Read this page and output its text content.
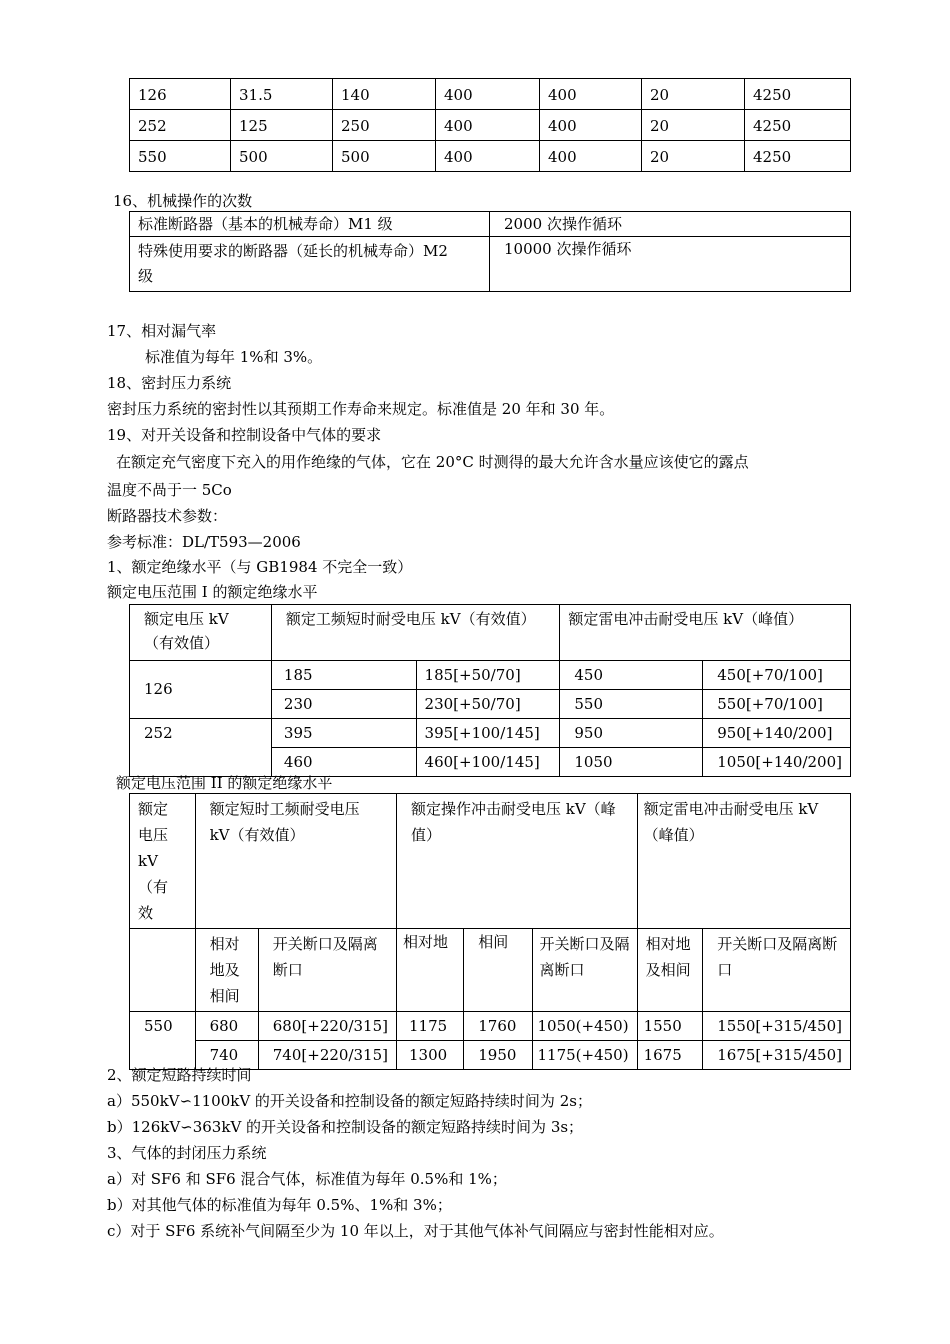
126	31.5	140	400	400	20	4250
252	125	250	400	400	20	4250
550	500	500	400	400	20	4250
16、机械操作的次数
标准断路器（基本的机械寿命）M1 级	2000 次操作循环
特殊使用要求的断路器（延长的机械寿命）M2 级	10000 次操作循环
17、相对漏气率
标准值为每年 1%和 3%。
18、密封压力系统
密封压力系统的密封性以其预期工作寿命来规定。标准值是 20 年和 30 年。
19、对开关设备和控制设备中气体的要求
在额定充气密度下充入的用作绝缘的气体，它在 20°C 时测得的最大允许含水量应该使它的露点
温度不咼于一 5Co
断路器技术参数：
参考标准：DL/T593—2006
1、额定绝缘水平（与 GB1984 不完全一致）
额定电压范围 I 的额定绝缘水平
额定电压 kV（有效值）	额定工频短时耐受电压 kV（有效值）		额定雷电冲击耐受电压 kV（峰值）	
126	185	185[+50/70]	450	450[+70/100]
	230	230[+50/70]	550	550[+70/100]
252	395	395[+100/145]	950	950[+140/200]
	460	460[+100/145]	1050	1050[+140/200]
额定电压范围 II 的额定绝缘水平
额定电压 kV（有效	额定短时工频耐受电压 kV（有效值）		额定操作冲击耐受电压 kV（峰值）			额定雷电冲击耐受电压 kV（峰值）	
	相对地及相间	开关断口及隔离断口	相对地	相间	开关断口及隔离断口	相对地及相间	开关断口及隔离断口
550	680	680[+220/315]	1175	1760	1050(+450)	1550	1550[+315/450]
	740	740[+220/315]	1300	1950	1175(+450)	1675	1675[+315/450]
2、额定短路持续时间
a）550kV∽1100kV 的开关设备和控制设备的额定短路持续时间为 2s；
b）126kV∽363kV 的开关设备和控制设备的额定短路持续时间为 3s；
3、气体的封闭压力系统
a）对 SF6 和 SF6 混合气体，标准值为每年 0.5%和 1%；
b）对其他气体的标准值为每年 0.5%、1%和 3%；
c）对于 SF6 系统补气间隔至少为 10 年以上，对于其他气体补气间隔应与密封性能相对应。
